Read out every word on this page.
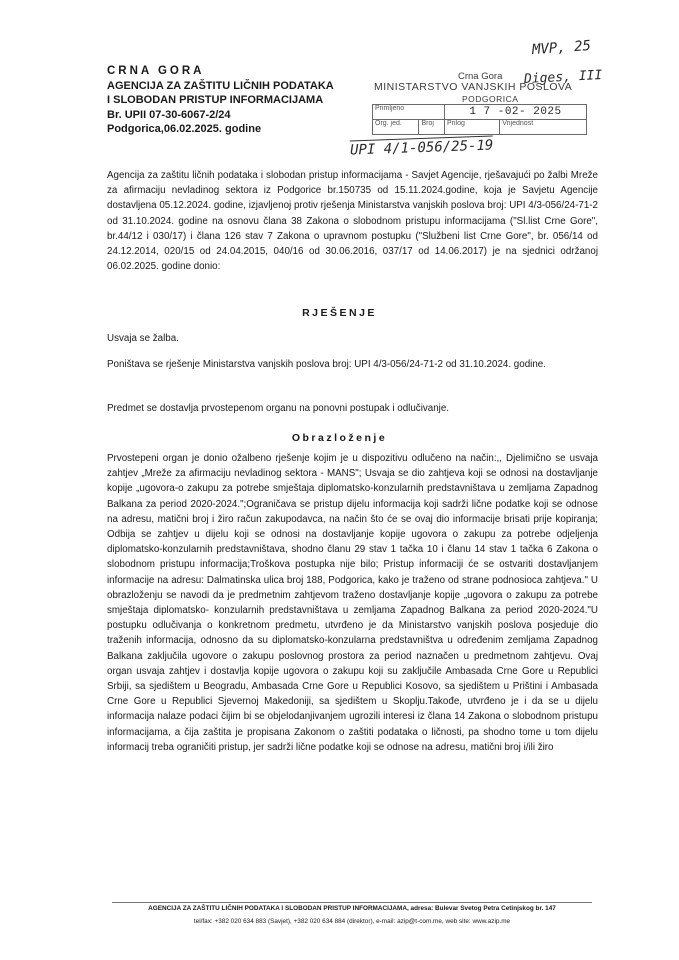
CRNA GORA
AGENCIJA ZA ZAŠTITU LIČNIH PODATAKA
I SLOBODAN PRISTUP INFORMACIJAMA
Br. UPII 07-30-6067-2/24
Podgorica,06.02.2025. godine
Crna Gora
MINISTARSTVO VANJSKIH POSLOVA
PODGORICA
Primljeno		1 7 -02- 2025	
Org. jed.	Broj	Prilog	Vrijednost
MVP, 25
Diges, III
UPI 4/1-056/25-19
Agencija za zaštitu ličnih podataka i slobodan pristup informacijama - Savjet Agencije, rješavajući po žalbi Mreže za afirmaciju nevladinog sektora iz Podgorice br.150735 od 15.11.2024.godine, koja je Savjetu Agencije dostavljena 05.12.2024. godine, izjavljenoj protiv rješenja Ministarstva vanjskih poslova broj: UPI 4/3-056/24-71-2 od 31.10.2024. godine na osnovu člana 38 Zakona o slobodnom pristupu informacijama ("Sl.list Crne Gore", br.44/12 i 030/17) i člana 126 stav 7 Zakona o upravnom postupku ("Službeni list Crne Gore", br. 056/14 od 24.12.2014, 020/15 od 24.04.2015, 040/16 od 30.06.2016, 037/17 od 14.06.2017) je na sjednici održanoj 06.02.2025. godine donio:
RJEŠENJE
Usvaja se žalba.
Poništava se rješenje Ministarstva vanjskih poslova broj: UPI 4/3-056/24-71-2 od 31.10.2024. godine.
Predmet se dostavlja prvostepenom organu na ponovni postupak i odlučivanje.
Obrazloženje
Prvostepeni organ je donio ožalbeno rješenje kojim je u dispozitivu odlučeno na način:,, Djelimično se usvaja zahtjev „Mreže za afirmaciju nevladinog sektora - MANS"; Usvaja se dio zahtjeva koji se odnosi na dostavljanje kopije „ugovora-o zakupu za potrebe smještaja diplomatsko-konzularnih predstavništava u zemljama Zapadnog Balkana za period 2020-2024.";Ograničava se pristup dijelu informacija koji sadrži lične podatke koji se odnose na adresu, matični broj i žiro račun zakupodavca, na način što će se ovaj dio informacije brisati prije kopiranja; Odbija se zahtjev u dijelu koji se odnosi na dostavljanje kopije ugovora o zakupu za potrebe odjeljenja diplomatsko-konzularnih predstavništava, shodno članu 29 stav 1 tačka 10 i članu 14 stav 1 tačka 6 Zakona o slobodnom pristupu informacija;Troškova postupka nije bilo; Pristup informaciji će se ostvariti dostavljanjem informacije na adresu: Dalmatinska ulica broj 188, Podgorica, kako je traženo od strane podnosioca zahtjeva." U obrazloženju se navodi da je predmetnim zahtjevom traženo dostavljanje kopije „ugovora o zakupu za potrebe smještaja diplomatsko- konzularnih predstavništava u zemljama Zapadnog Balkana za period 2020-2024."U postupku odlučivanja o konkretnom predmetu, utvrđeno je da Ministarstvo vanjskih poslova posjeduje dio traženih informacija, odnosno da su diplomatsko-konzularna predstavništva u određenim zemljama Zapadnog Balkana zaključila ugovore o zakupu poslovnog prostora za period naznačen u predmetnom zahtjevu. Ovaj organ usvaja zahtjev i dostavlja kopije ugovora o zakupu koji su zaključile Ambasada Crne Gore u Republici Srbiji, sa sjedištem u Beogradu, Ambasada Crne Gore u Republici Kosovo, sa sjedištem u Prištini i Ambasada Crne Gore u Republici Sjevernoj Makedoniji, sa sjedištem u Skoplju.Takođe, utvrđeno je i da se u dijelu informacija nalaze podaci čijim bi se objelodanjivanjem ugrozili interesi iz člana 14 Zakona o slobodnom pristupu informacijama, a čija zaštita je propisana Zakonom o zaštiti podataka o ličnosti, pa shodno tome u tom dijelu informacij treba ograničiti pristup, jer sadrži lične podatke koji se odnose na adresu, matični broj i/ili žiro
AGENCIJA ZA ZAŠTITU LIČNIH PODATAKA I SLOBODAN PRISTUP INFORMACIJAMA, adresa: Bulevar Svetog Petra Cetinjskog br. 147
tel/fax: +382 020 634 883 (Savjet), +382 020 634 884 (direktor), e-mail: azip@t-com.me, web site: www.azip.me
